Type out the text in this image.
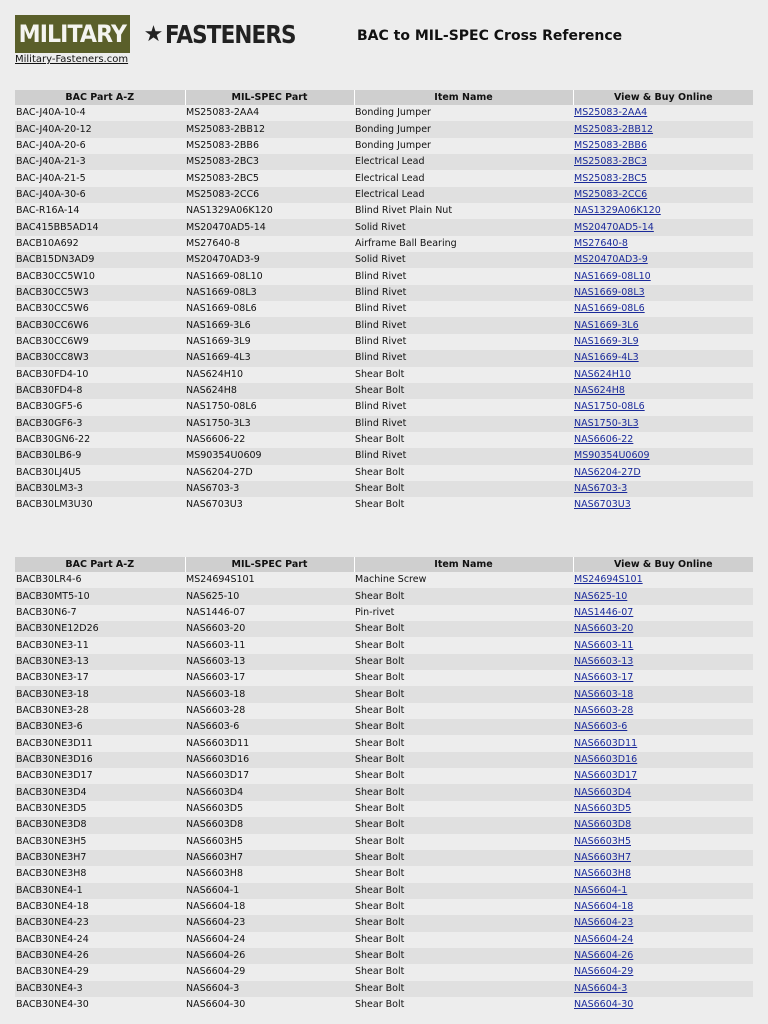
MILITARY ★ FASTENERS
Military-Fasteners.com
BAC to MIL-SPEC Cross Reference
BAC Part A-Z	MIL-SPEC Part	Item Name	View & Buy Online
BAC-J40A-10-4	MS25083-2AA4	Bonding Jumper	MS25083-2AA4
BAC-J40A-20-12	MS25083-2BB12	Bonding Jumper	MS25083-2BB12
BAC-J40A-20-6	MS25083-2BB6	Bonding Jumper	MS25083-2BB6
BAC-J40A-21-3	MS25083-2BC3	Electrical Lead	MS25083-2BC3
BAC-J40A-21-5	MS25083-2BC5	Electrical Lead	MS25083-2BC5
BAC-J40A-30-6	MS25083-2CC6	Electrical Lead	MS25083-2CC6
BAC-R16A-14	NAS1329A06K120	Blind Rivet Plain Nut	NAS1329A06K120
BAC415BB5AD14	MS20470AD5-14	Solid Rivet	MS20470AD5-14
BACB10A692	MS27640-8	Airframe Ball Bearing	MS27640-8
BACB15DN3AD9	MS20470AD3-9	Solid Rivet	MS20470AD3-9
BACB30CC5W10	NAS1669-08L10	Blind Rivet	NAS1669-08L10
BACB30CC5W3	NAS1669-08L3	Blind Rivet	NAS1669-08L3
BACB30CC5W6	NAS1669-08L6	Blind Rivet	NAS1669-08L6
BACB30CC6W6	NAS1669-3L6	Blind Rivet	NAS1669-3L6
BACB30CC6W9	NAS1669-3L9	Blind Rivet	NAS1669-3L9
BACB30CC8W3	NAS1669-4L3	Blind Rivet	NAS1669-4L3
BACB30FD4-10	NAS624H10	Shear Bolt	NAS624H10
BACB30FD4-8	NAS624H8	Shear Bolt	NAS624H8
BACB30GF5-6	NAS1750-08L6	Blind Rivet	NAS1750-08L6
BACB30GF6-3	NAS1750-3L3	Blind Rivet	NAS1750-3L3
BACB30GN6-22	NAS6606-22	Shear Bolt	NAS6606-22
BACB30LB6-9	MS90354U0609	Blind Rivet	MS90354U0609
BACB30LJ4U5	NAS6204-27D	Shear Bolt	NAS6204-27D
BACB30LM3-3	NAS6703-3	Shear Bolt	NAS6703-3
BACB30LM3U30	NAS6703U3	Shear Bolt	NAS6703U3
BAC Part A-Z	MIL-SPEC Part	Item Name	View & Buy Online
BACB30LR4-6	MS24694S101	Machine Screw	MS24694S101
BACB30MT5-10	NAS625-10	Shear Bolt	NAS625-10
BACB30N6-7	NAS1446-07	Pin-rivet	NAS1446-07
BACB30NE12D26	NAS6603-20	Shear Bolt	NAS6603-20
BACB30NE3-11	NAS6603-11	Shear Bolt	NAS6603-11
BACB30NE3-13	NAS6603-13	Shear Bolt	NAS6603-13
BACB30NE3-17	NAS6603-17	Shear Bolt	NAS6603-17
BACB30NE3-18	NAS6603-18	Shear Bolt	NAS6603-18
BACB30NE3-28	NAS6603-28	Shear Bolt	NAS6603-28
BACB30NE3-6	NAS6603-6	Shear Bolt	NAS6603-6
BACB30NE3D11	NAS6603D11	Shear Bolt	NAS6603D11
BACB30NE3D16	NAS6603D16	Shear Bolt	NAS6603D16
BACB30NE3D17	NAS6603D17	Shear Bolt	NAS6603D17
BACB30NE3D4	NAS6603D4	Shear Bolt	NAS6603D4
BACB30NE3D5	NAS6603D5	Shear Bolt	NAS6603D5
BACB30NE3D8	NAS6603D8	Shear Bolt	NAS6603D8
BACB30NE3H5	NAS6603H5	Shear Bolt	NAS6603H5
BACB30NE3H7	NAS6603H7	Shear Bolt	NAS6603H7
BACB30NE3H8	NAS6603H8	Shear Bolt	NAS6603H8
BACB30NE4-1	NAS6604-1	Shear Bolt	NAS6604-1
BACB30NE4-18	NAS6604-18	Shear Bolt	NAS6604-18
BACB30NE4-23	NAS6604-23	Shear Bolt	NAS6604-23
BACB30NE4-24	NAS6604-24	Shear Bolt	NAS6604-24
BACB30NE4-26	NAS6604-26	Shear Bolt	NAS6604-26
BACB30NE4-29	NAS6604-29	Shear Bolt	NAS6604-29
BACB30NE4-3	NAS6604-3	Shear Bolt	NAS6604-3
BACB30NE4-30	NAS6604-30	Shear Bolt	NAS6604-30
